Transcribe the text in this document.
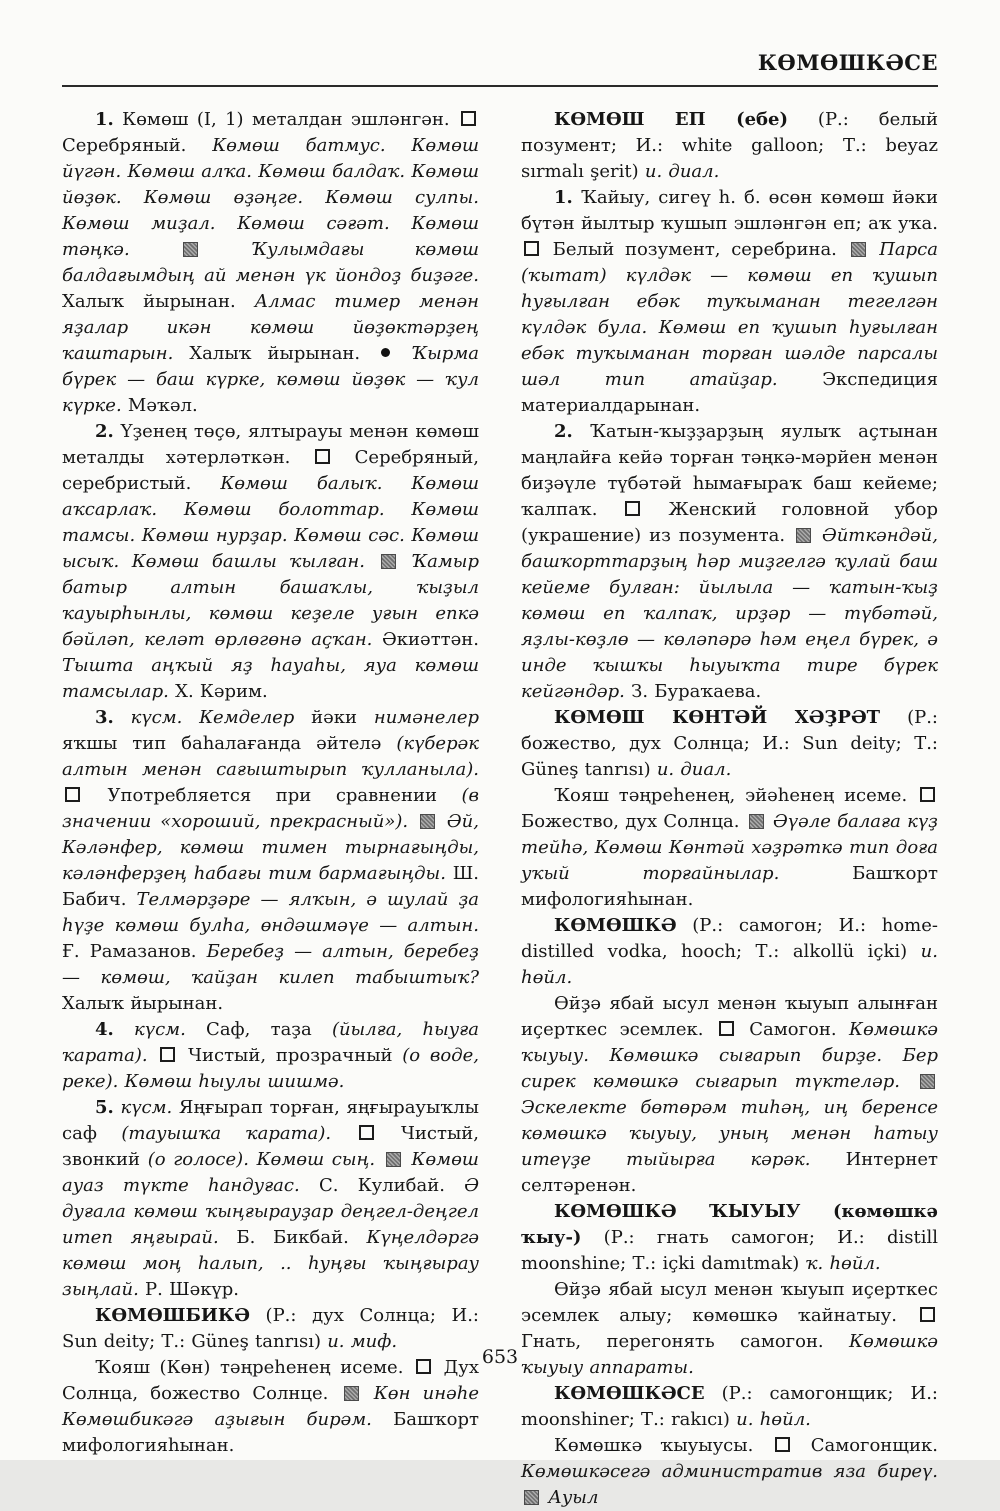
КӨМӨШКӘСЕ

1. Көмөш (I, 1) металдан эшләнгән.  Серебряный. Көмөш батмус. Көмөш йүгән. Көмөш алҡа. Көмөш балдаҡ. Көмөш йөҙөк. Көмөш өҙәңге. Көмөш сулпы. Көмөш миҙал. Көмөш сәғәт. Көмөш тәңкә.  Ҡулымдағы көмөш балдағымдың ай менән үк йондоҙ биҙәге. Халыҡ йырынан. Алмас тимер менән яҙалар икән көмөш йөҙөктәрҙең ҡаштарын. Халыҡ йырынан.  Ҡырма бүрек — баш күрке, көмөш йөҙөк — ҡул күрке. Мәҡәл.

2. Үҙенең төҫө, ялтырауы менән көмөш металды хәтерләткән.  Серебряный, серебристый. Көмөш балыҡ. Көмөш аҡсарлаҡ. Көмөш болоттар. Көмөш тамсы. Көмөш нурҙар. Көмөш сәс. Көмөш ысыҡ. Көмөш башлы ҡылған.  Ҡамыр батыр алтын башаҡлы, ҡыҙыл ҡауырһынлы, көмөш кеҙеле уғын епкә бәйләп, келәт өрлөгөнә аҫҡан. Әкиәттән. Тышта аңҡый яҙ һауаһы, яуа көмөш тамсылар. Х. Кәрим.

3. күсм. Кемделер йәки нимәнелер яҡшы тип баһалағанда әйтелә (күберәк алтын менән сағыштырып ҡулланыла).  Употребляется при сравнении (в значении «хороший, прекрасный»).  Әй, Кәләнфер, көмөш тимен тырнағыңды, кәләнферҙең һабағы тим бармағыңды. Ш. Бабич. Телмәрҙәре — ялҡын, ә шулай ҙа һүҙе көмөш булһа, өндәшмәүе — алтын. Ғ. Рамазанов. Беребеҙ — алтын, беребеҙ — көмөш, ҡайҙан килеп табыштыҡ? Халыҡ йырынан.

4. күсм. Саф, таҙа (йылға, һыуға ҡарата).  Чистый, прозрачный (о воде, реке). Көмөш һыулы шишмә.

5. күсм. Яңғырап торған, яңғырауыҡлы саф (тауышҡа ҡарата).  Чистый, звонкий (о голосе). Көмөш сың.  Көмөш ауаз түкте һандуғас. С. Кулибай. Ә дуғала көмөш ҡыңғырауҙар деңгел-деңгел итеп яңғырай. Б. Бикбай. Күңелдәргә көмөш моң һалып, .. һуңғы ҡыңғырау зыңлай. Р. Шәкүр.

КӨМӨШБИКӘ (Р.: дух Солнца; И.: Sun deity; Т.: Güneş tanrısı) и. миф.

Ҡояш (Көн) тәңреһенең исеме.  Дух Солнца, божество Солнце.  Көн инәһе Көмөшбикәгә аҙығын бирәм. Башҡорт мифологияһынан.

КӨМӨШ ЕП (ебе) (Р.: белый позумент; И.: white galloon; Т.: beyaz sırmalı şerit) и. диал.

1. Ҡайыу, сигеү һ. б. өсөн көмөш йәки бүтән йылтыр ҡушып эшләнгән еп; аҡ уҡа.  Белый позумент, серебрина.  Парса (ҡытат) күлдәк — көмөш еп ҡушып һуғылған ебәк туҡыманан тегелгән күлдәк була. Көмөш еп ҡушып һуғылған ебәк туҡыманан торған шәлде парсалы шәл тип атайҙар. Экспедиция материалдарынан.

2. Ҡатын-ҡыҙҙарҙың яулыҡ аҫтынан маңлайға кейә торған тәңкә-мәрйен менән биҙәүле түбәтәй һымағыраҡ баш кейеме; ҡалпаҡ.  Женский головной убор (украшение) из позумента.  Әйткәндәй, башҡорттарҙың һәр миҙгелгә ҡулай баш кейеме булған: йылыла — ҡатын-ҡыҙ көмөш еп ҡалпаҡ, ирҙәр — түбәтәй, яҙлы-көҙлө — көләпәрә һәм еңел бүрек, ә инде ҡышҡы һыуыҡта тире бүрек кейгәндәр. З. Бураҡаева.

КӨМӨШ КӨНТӘЙ ХӘҘРӘТ (Р.: божество, дух Солнца; И.: Sun deity; Т.: Güneş tanrısı) и. диал.

Ҡояш тәңреһенең, эйәһенең исеме.  Божество, дух Солнца.  Әүәле балаға күҙ тейһә, Көмөш Көнтәй хәҙрәткә тип доға уҡый торғайнылар. Башҡорт мифологияһынан.

КӨМӨШКӘ (Р.: самогон; И.: home-distilled vodka, hooch; Т.: alkollü içki) и. һөйл.

Өйҙә ябай ысул менән ҡыуып алынған иҫерткес эсемлек.  Самогон. Көмөшкә ҡыуыу. Көмөшкә сығарып бирҙе. Бер сирек көмөшкә сығарып түктеләр.  Эскелекте бөтөрәм тиһәң, иң беренсе көмөшкә ҡыуыу, уның менән һатыу итеүҙе тыйырға кәрәк. Интернет селтәренән.

КӨМӨШКӘ ҠЫУЫУ (көмөшкә ҡыу-) (Р.: гнать самогон; И.: distill moonshine; Т.: içki damıtmak) ҡ. һөйл.

Өйҙә ябай ысул менән ҡыуып иҫерткес эсемлек алыу; көмөшкә ҡайнатыу.  Гнать, перегонять самогон. Көмөшкә ҡыуыу аппараты.

КӨМӨШКӘСЕ (Р.: самогонщик; И.: moonshiner; Т.: rakıcı) и. һөйл.

Көмөшкә ҡыуыусы.  Самогонщик. Көмөшкәсегә административ яза биреү.  Ауыл

653
